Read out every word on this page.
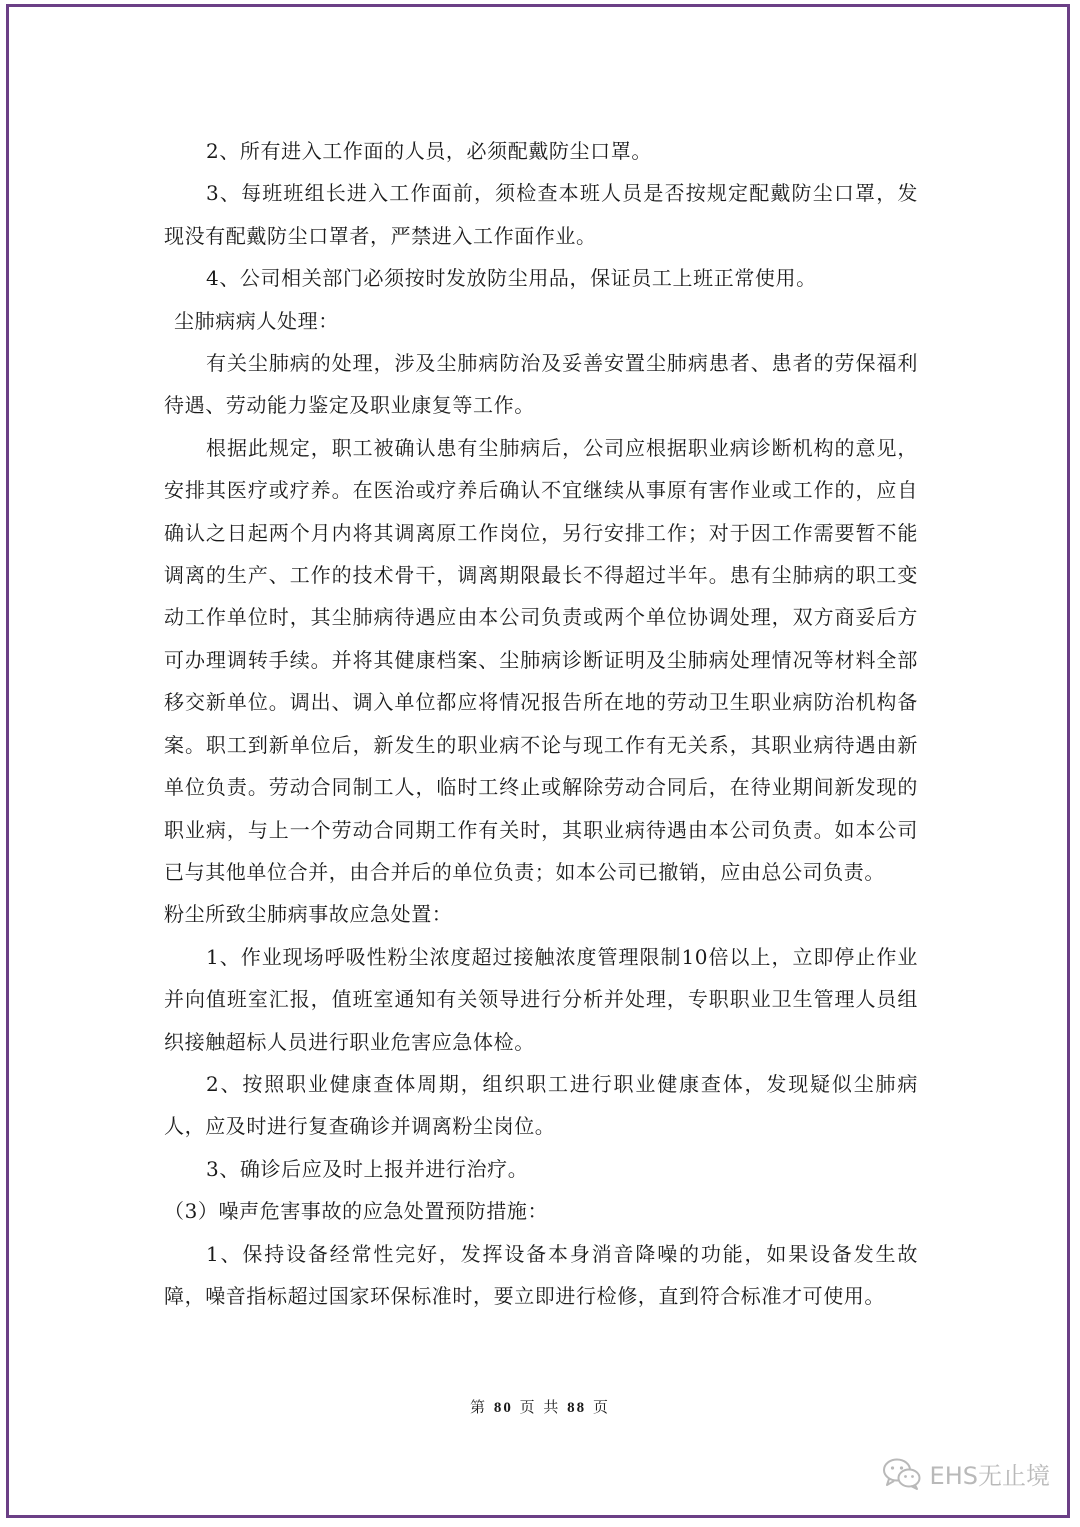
2、所有进入工作面的人员，必须配戴防尘口罩。

3、每班班组长进入工作面前，须检查本班人员是否按规定配戴防尘口罩，发现没有配戴防尘口罩者，严禁进入工作面作业。

4、公司相关部门必须按时发放防尘用品，保证员工上班正常使用。

尘肺病病人处理：

有关尘肺病的处理，涉及尘肺病防治及妥善安置尘肺病患者、患者的劳保福利待遇、劳动能力鉴定及职业康复等工作。

根据此规定，职工被确认患有尘肺病后，公司应根据职业病诊断机构的意见，安排其医疗或疗养。在医治或疗养后确认不宜继续从事原有害作业或工作的，应自确认之日起两个月内将其调离原工作岗位，另行安排工作；对于因工作需要暂不能调离的生产、工作的技术骨干，调离期限最长不得超过半年。患有尘肺病的职工变动工作单位时，其尘肺病待遇应由本公司负责或两个单位协调处理，双方商妥后方可办理调转手续。并将其健康档案、尘肺病诊断证明及尘肺病处理情况等材料全部移交新单位。调出、调入单位都应将情况报告所在地的劳动卫生职业病防治机构备案。职工到新单位后，新发生的职业病不论与现工作有无关系，其职业病待遇由新单位负责。劳动合同制工人，临时工终止或解除劳动合同后，在待业期间新发现的职业病，与上一个劳动合同期工作有关时，其职业病待遇由本公司负责。如本公司已与其他单位合并，由合并后的单位负责；如本公司已撤销，应由总公司负责。

粉尘所致尘肺病事故应急处置：

1、作业现场呼吸性粉尘浓度超过接触浓度管理限制10倍以上，立即停止作业并向值班室汇报，值班室通知有关领导进行分析并处理，专职职业卫生管理人员组织接触超标人员进行职业危害应急体检。

2、按照职业健康查体周期，组织职工进行职业健康查体，发现疑似尘肺病人，应及时进行复查确诊并调离粉尘岗位。

3、确诊后应及时上报并进行治疗。

（3）噪声危害事故的应急处置预防措施：

1、保持设备经常性完好，发挥设备本身消音降噪的功能，如果设备发生故障，噪音指标超过国家环保标准时，要立即进行检修，直到符合标准才可使用。

第 80 页 共 88 页
EHS无止境
